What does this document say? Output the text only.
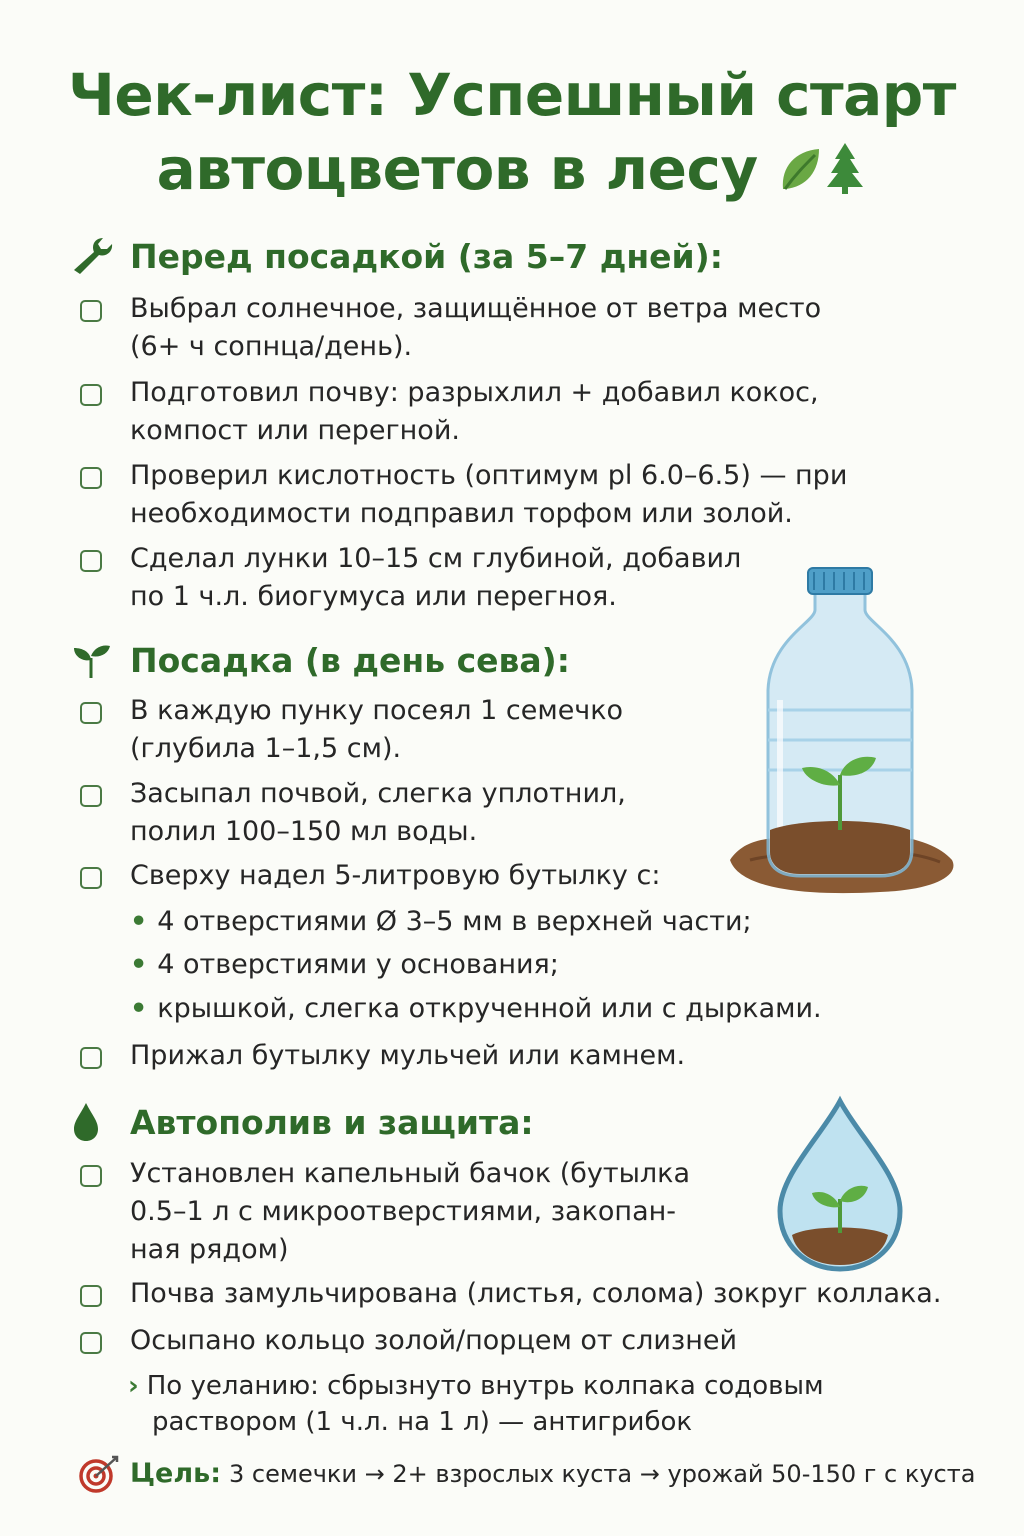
Чек-лист: Успешный старт
автоцветов в лесу
Перед посадкой (за 5–7 дней):
Выбрал солнечное, защищённое от ветра место
(6+ ч сопнца/день).
Подготовил почву: разрыхлил + добавил кокос,
компост или перегной.
Проверил кислотность (оптимум pl 6.0–6.5) — при
необходимости подправил торфом или золой.
Сделал лунки 10–15 см глубиной, добавил
по 1 ч.л. биогумуса или перегноя.
Посадка (в день сева):
В каждую пунку посеял 1 семечко
(глубила 1–1,5 см).
Засыпал почвой, слегка уплотнил,
полил 100–150 мл воды.
Сверху надел 5-литровую бутылку с:
• 4 отверстиями Ø 3–5 мм в верхней части;
• 4 отверстиями у основания;
• крышкой, слегка открученной или с дырками.
Прижал бутылку мульчей или камнем.
Автополив и защита:
Установлен капельный бачок (бутылка
0.5–1 л с микроотверстиями, закопан-
ная рядом)
Почва замульчирована (листья, солома) зокруг коллака.
Осыпано кольцо золой/порцем от слизней
› По уеланию: сбрызнуто внутрь колпака содовым
раствором (1 ч.л. на 1 л) — антигрибок
Цель: 3 семечки → 2+ взрослых куста → урожай 50-150 г с куста
